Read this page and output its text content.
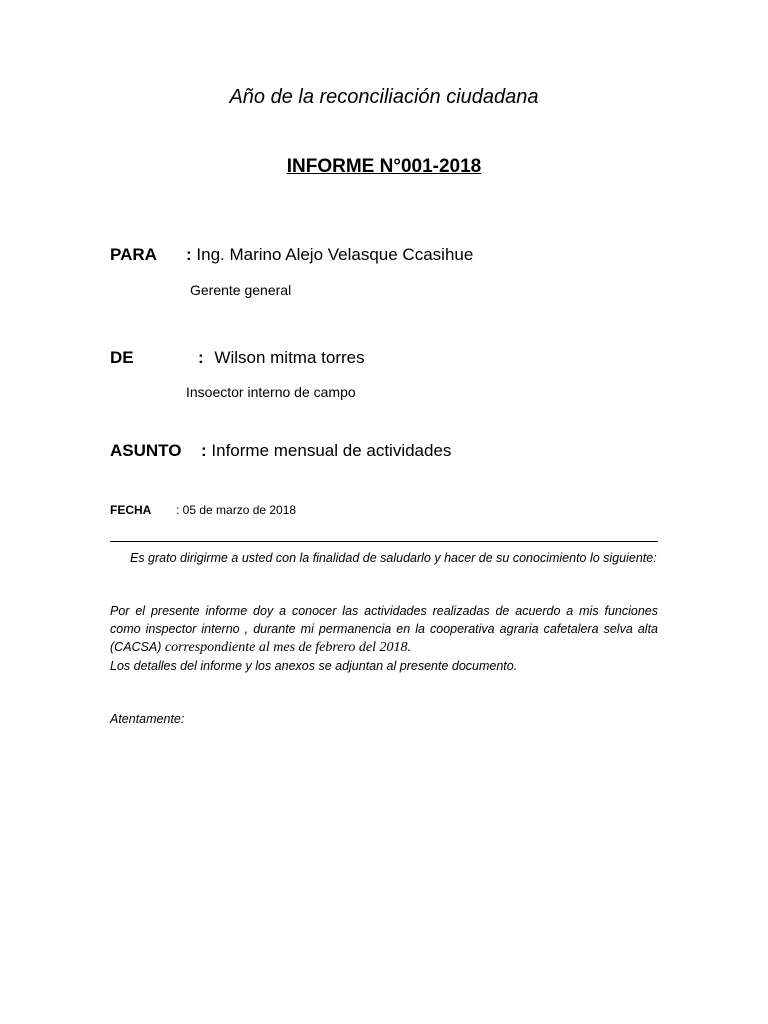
Año de la reconciliación ciudadana
INFORME N°001-2018
PARA : Ing. Marino Alejo Velasque Ccasihue
Gerente general
DE	: Wilson mitma torres
Insoector interno de campo
ASUNTO : Informe mensual de actividades
FECHA : 05 de marzo de 2018
Es grato dirigirme a usted con la finalidad de saludarlo y hacer de su conocimiento lo siguiente:
Por el presente informe doy a conocer las actividades realizadas de acuerdo a mis funciones como inspector interno , durante mi permanencia en la cooperativa agraria cafetalera selva alta (CACSA) correspondiente al mes de febrero del 2018.
Los detalles del informe y los anexos se adjuntan al presente documento.
Atentamente:
